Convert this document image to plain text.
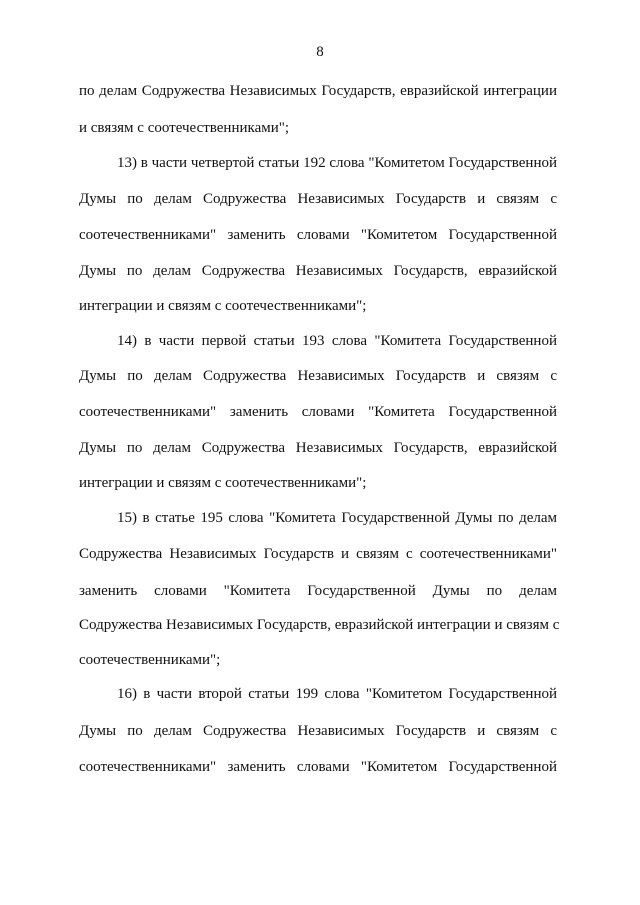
8
по делам Содружества Независимых Государств, евразийской интеграции
и связям с соотечественниками";
13) в части четвертой статьи 192 слова "Комитетом Государственной
Думы по делам Содружества Независимых Государств и связям с
соотечественниками" заменить словами "Комитетом Государственной
Думы по делам Содружества Независимых Государств, евразийской
интеграции и связям с соотечественниками";
14) в части первой статьи 193 слова "Комитета Государственной
Думы по делам Содружества Независимых Государств и связям с
соотечественниками" заменить словами "Комитета Государственной
Думы по делам Содружества Независимых Государств, евразийской
интеграции и связям с соотечественниками";
15) в статье 195 слова "Комитета Государственной Думы по делам
Содружества Независимых Государств и связям с соотечественниками"
заменить словами "Комитета Государственной Думы по делам
Содружества Независимых Государств, евразийской интеграции и связям с
соотечественниками";
16) в части второй статьи 199 слова "Комитетом Государственной
Думы по делам Содружества Независимых Государств и связям с
соотечественниками" заменить словами "Комитетом Государственной
